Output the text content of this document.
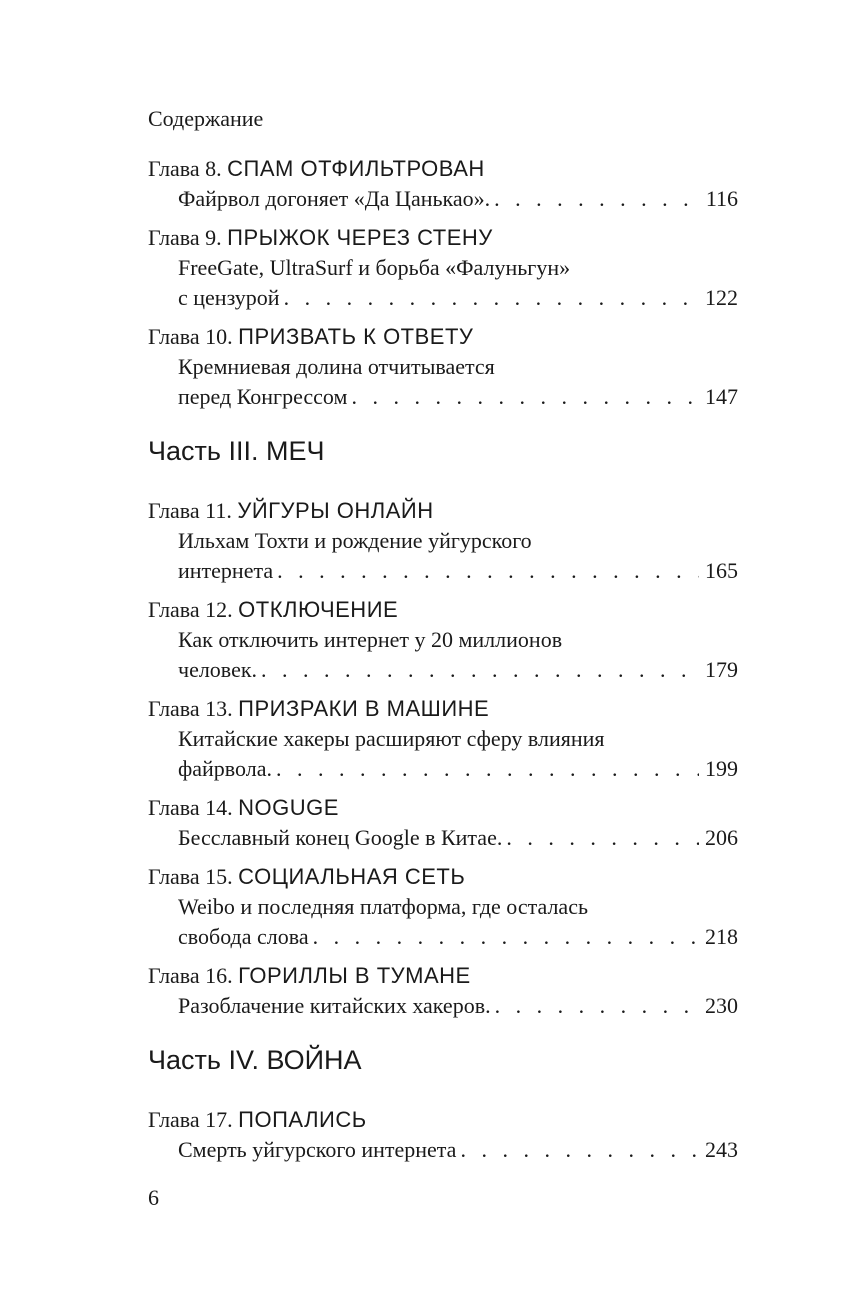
Содержание
Глава 8. СПАМ ОТФИЛЬТРОВАН
Файрвол догоняет «Да Цанькао». . . .	116
Глава 9. ПРЫЖОК ЧЕРЕЗ СТЕНУ
FreeGate, UltraSurf и борьба «Фалуньгун»
с цензурой . . .	122
Глава 10. ПРИЗВАТЬ К ОТВЕТУ
Кремниевая долина отчитывается
перед Конгрессом . . .	147
Часть III. МЕЧ
Глава 11. УЙГУРЫ ОНЛАЙН
Ильхам Тохти и рождение уйгурского
интернета . . .	165
Глава 12. ОТКЛЮЧЕНИЕ
Как отключить интернет у 20 миллионов
человек. . . .	179
Глава 13. ПРИЗРАКИ В МАШИНЕ
Китайские хакеры расширяют сферу влияния
файрвола. . . .	199
Глава 14. NOGUGE
Бесславный конец Google в Китае. . . .	206
Глава 15. СОЦИАЛЬНАЯ СЕТЬ
Weibo и последняя платформа, где осталась
свобода слова . . .	218
Глава 16. ГОРИЛЛЫ В ТУМАНЕ
Разоблачение китайских хакеров. . . .	230
Часть IV. ВОЙНА
Глава 17. ПОПАЛИСЬ
Смерть уйгурского интернета . . .	243
6
